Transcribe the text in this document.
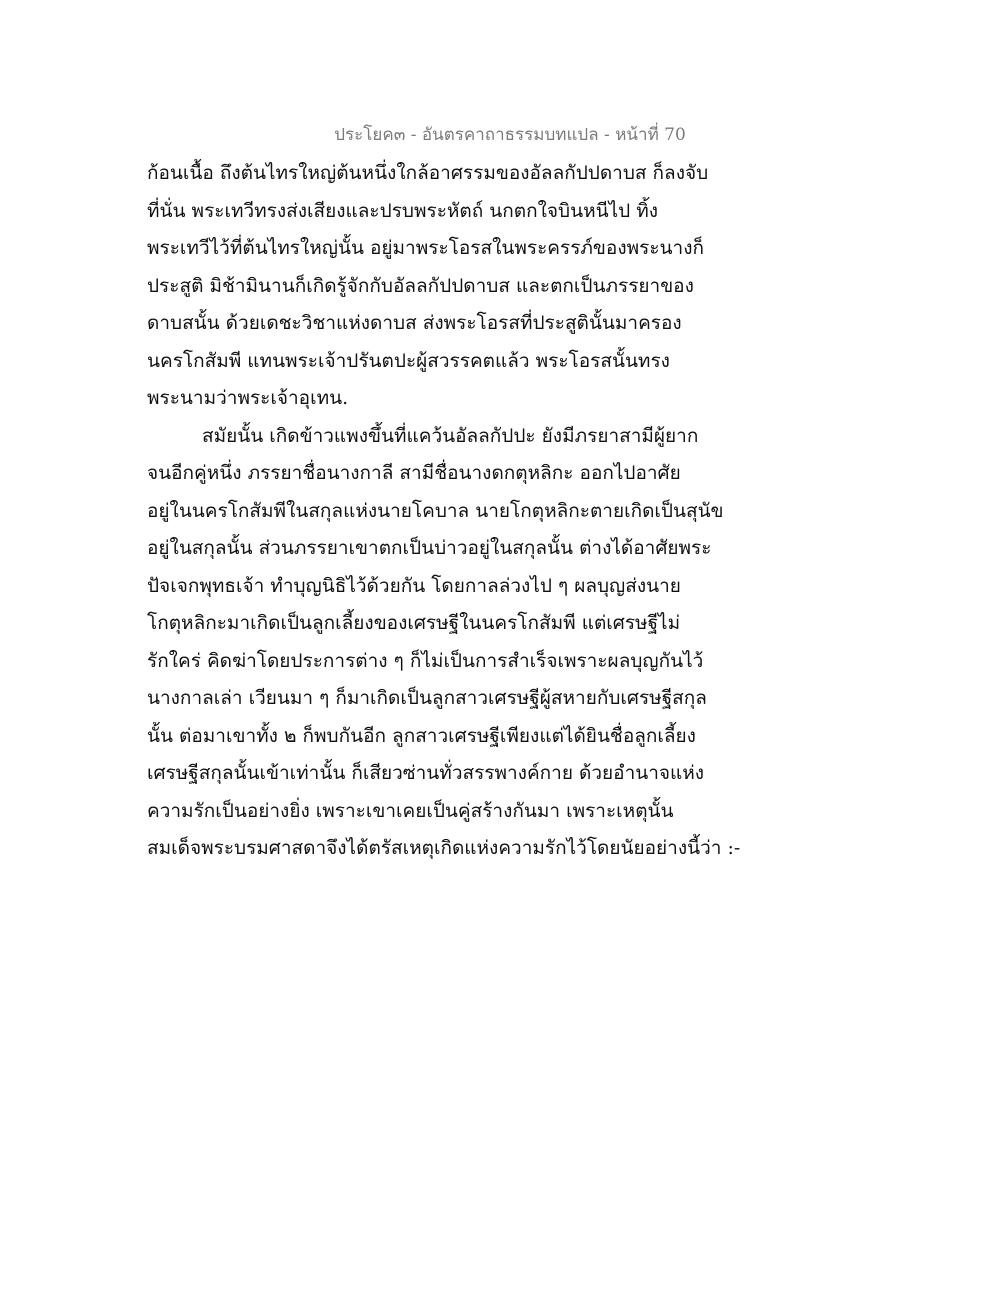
ประโยค๓ - อันตรคาถาธรรมบทแปล - หน้าที่ 70
ก้อนเนื้อ ถึงต้นไทรใหญ่ต้นหนึ่งใกล้อาศรรมของอัลลกัปปดาบส ก็ลงจับ
ที่นั่น พระเทวีทรงส่งเสียงและปรบพระหัตถ์ นกตกใจบินหนีไป ทิ้ง
พระเทวีไว้ที่ต้นไทรใหญ่นั้น อยู่มาพระโอรสในพระครรภ์ของพระนางก็
ประสูติ มิช้ามินานก็เกิดรู้จักกับอัลลกัปปดาบส และตกเป็นภรรยาของ
ดาบสนั้น ด้วยเดชะวิชาแห่งดาบส ส่งพระโอรสที่ประสูตินั้นมาครอง
นครโกสัมพี แทนพระเจ้าปรันตปะผู้สวรรคตแล้ว พระโอรสนั้นทรง
พระนามว่าพระเจ้าอุเทน.
สมัยนั้น เกิดข้าวแพงขึ้นที่แคว้นอัลลกัปปะ ยังมีภรยาสามีผู้ยาก
จนอีกคู่หนึ่ง ภรรยาชื่อนางกาลี สามีชื่อนางดกตุหลิกะ ออกไปอาศัย
อยู่ในนครโกสัมพีในสกุลแห่งนายโคบาล นายโกตุหลิกะตายเกิดเป็นสุนัข
อยู่ในสกุลนั้น ส่วนภรรยาเขาตกเป็นบ่าวอยู่ในสกุลนั้น ต่างได้อาศัยพระ
ปัจเจกพุทธเจ้า ทำบุญนิธิไว้ด้วยกัน โดยกาลล่วงไป ๆ ผลบุญส่งนาย
โกตุหลิกะมาเกิดเป็นลูกเลี้ยงของเศรษฐีในนครโกสัมพี แต่เศรษฐีไม่
รักใคร่ คิดฆ่าโดยประการต่าง ๆ ก็ไม่เป็นการสำเร็จเพราะผลบุญกันไว้
นางกาลเล่า เวียนมา ๆ ก็มาเกิดเป็นลูกสาวเศรษฐีผู้สหายกับเศรษฐีสกุล
นั้น ต่อมาเขาทั้ง ๒ ก็พบกันอีก ลูกสาวเศรษฐีเพียงแต่ได้ยินชื่อลูกเลี้ยง
เศรษฐีสกุลนั้นเข้าเท่านั้น ก็เสียวซ่านทั่วสรรพางค์กาย ด้วยอำนาจแห่ง
ความรักเป็นอย่างยิ่ง เพราะเขาเคยเป็นคู่สร้างกันมา เพราะเหตุนั้น
สมเด็จพระบรมศาสดาจึงได้ตรัสเหตุเกิดแห่งความรักไว้โดยนัยอย่างนี้ว่า :-
